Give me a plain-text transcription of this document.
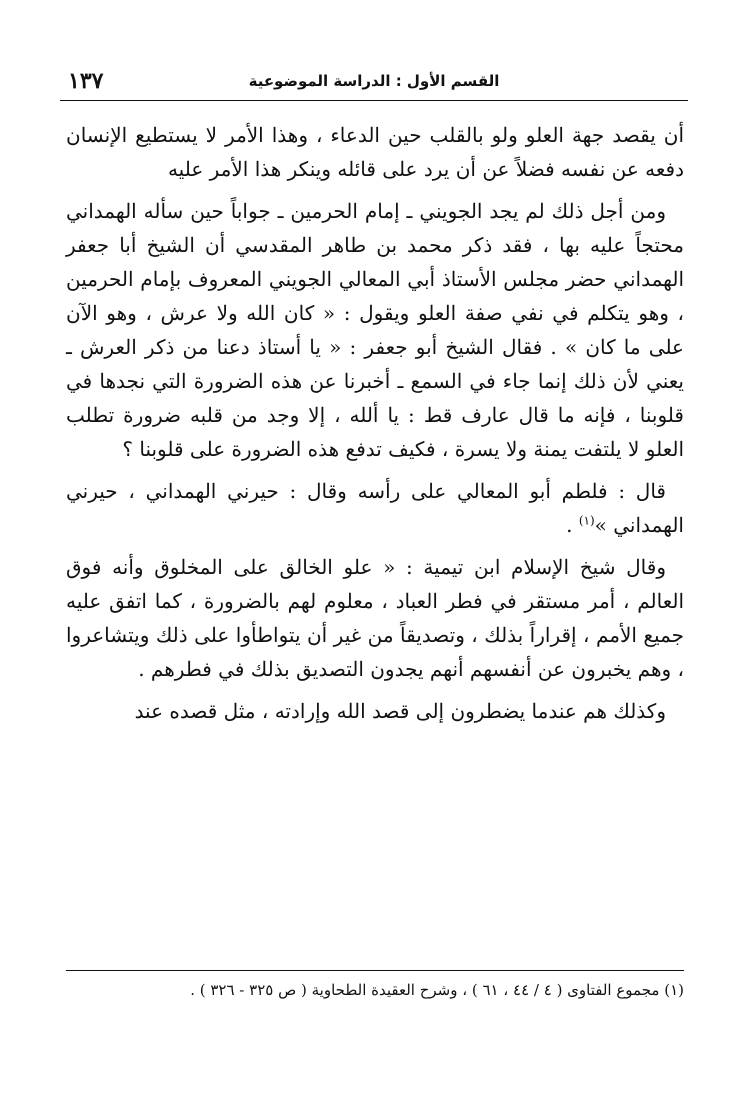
القسم الأول : الدراسة الموضوعية
١٣٧

أن يقصد جهة العلو ولو بالقلب حين الدعاء ، وهذا الأمر لا يستطيع الإنسان دفعه عن نفسه فضلاً عن أن يرد على قائله وينكر هذا الأمر عليه

ومن أجل ذلك لم يجد الجويني ـ إمام الحرمين ـ جواباً حين سأله الهمداني محتجاً عليه بها ، فقد ذكر محمد بن طاهر المقدسي أن الشيخ أبا جعفر الهمداني حضر مجلس الأستاذ أبي المعالي الجويني المعروف بإمام الحرمين ، وهو يتكلم في نفي صفة العلو ويقول : « كان الله ولا عرش ، وهو الآن على ما كان » . فقال الشيخ أبو جعفر : « يا أستاذ دعنا من ذكر العرش ـ يعني لأن ذلك إنما جاء في السمع ـ أخبرنا عن هذه الضرورة التي نجدها في قلوبنا ، فإنه ما قال عارف قط : يا ألله ، إلا وجد من قلبه ضرورة تطلب العلو لا يلتفت يمنة ولا يسرة ، فكيف تدفع هذه الضرورة على قلوبنا ؟

قال : فلطم أبو المعالي على رأسه وقال : حيرني الهمداني ، حيرني الهمداني »$^{(١)}$ .

وقال شيخ الإسلام ابن تيمية : « علو الخالق على المخلوق وأنه فوق العالم ، أمر مستقر في فطر العباد ، معلوم لهم بالضرورة ، كما اتفق عليه جميع الأمم ، إقراراً بذلك ، وتصديقاً من غير أن يتواطأوا على ذلك ويتشاعروا ، وهم يخبرون عن أنفسهم أنهم يجدون التصديق بذلك في فطرهم .

وكذلك هم عندما يضطرون إلى قصد الله وإرادته ، مثل قصده عند

(١) مجموع الفتاوى ( ٤ / ٤٤ ، ٦١ ) ، وشرح العقيدة الطحاوية ( ص ٣٢٥ - ٣٢٦ ) .
